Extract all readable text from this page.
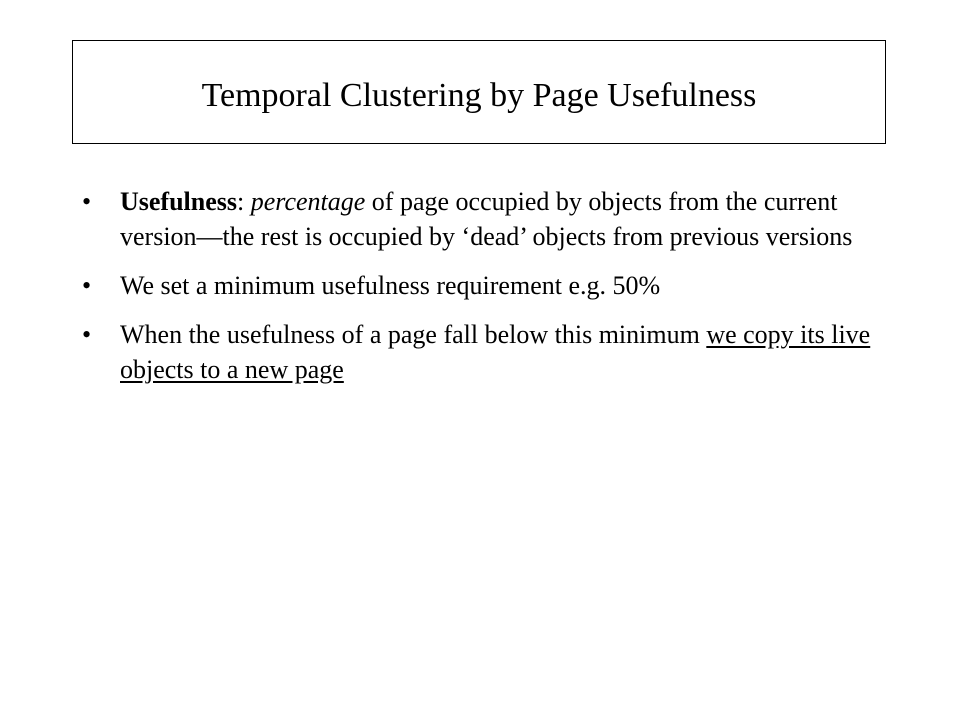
Temporal Clustering by Page Usefulness
• Usefulness: percentage of page occupied by objects from the current version—the rest is occupied by ‘dead’ objects from previous versions
• We set a minimum usefulness requirement e.g. 50%
• When the usefulness of a page fall below this minimum we copy its live objects to a new page
